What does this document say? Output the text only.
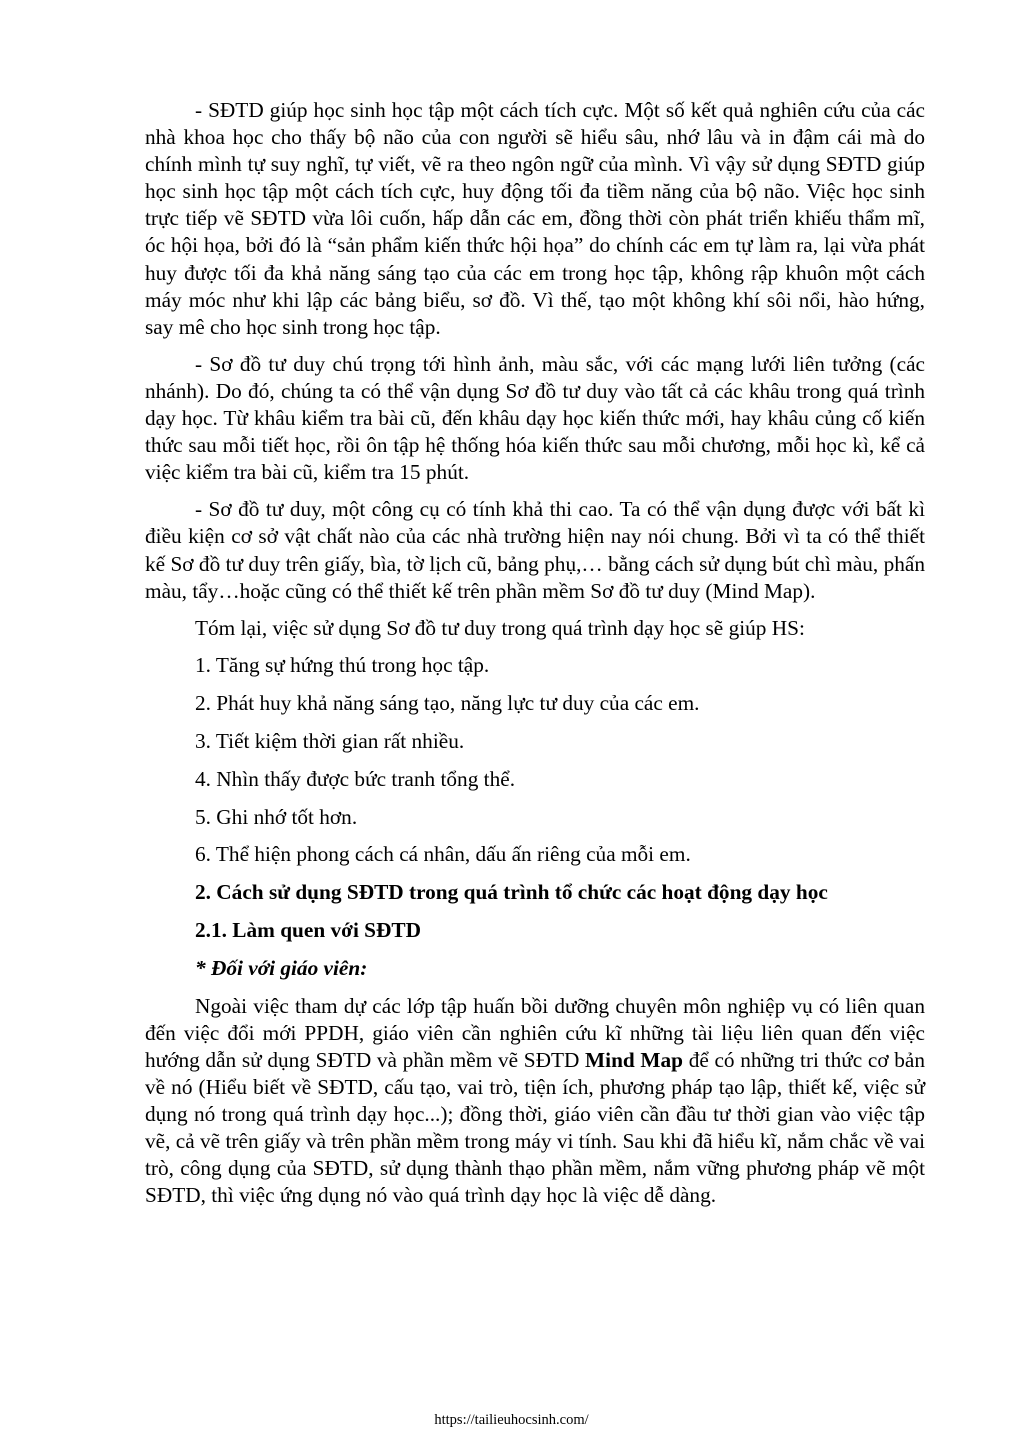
- SĐTD giúp học sinh học tập một cách tích cực. Một số kết quả nghiên cứu của các nhà khoa học cho thấy bộ não của con người sẽ hiểu sâu, nhớ lâu và in đậm cái mà do chính mình tự suy nghĩ, tự viết, vẽ ra theo ngôn ngữ của mình. Vì vậy sử dụng SĐTD giúp học sinh học tập một cách tích cực, huy động tối đa tiềm năng của bộ não. Việc học sinh trực tiếp vẽ SĐTD vừa lôi cuốn, hấp dẫn các em, đồng thời còn phát triển khiếu thẩm mĩ, óc hội họa, bởi đó là “sản phẩm kiến thức hội họa” do chính các em tự làm ra, lại vừa phát huy được tối đa khả năng sáng tạo của các em trong học tập, không rập khuôn một cách máy móc như khi lập các bảng biểu, sơ đồ. Vì thế, tạo một không khí sôi nổi, hào hứng, say mê cho học sinh trong học tập.

- Sơ đồ tư duy chú trọng tới hình ảnh, màu sắc, với các mạng lưới liên tưởng (các nhánh). Do đó, chúng ta có thể vận dụng Sơ đồ tư duy vào tất cả các khâu trong quá trình dạy học. Từ khâu kiểm tra bài cũ, đến khâu dạy học kiến thức mới, hay khâu củng cố kiến thức sau mỗi tiết học, rồi ôn tập hệ thống hóa kiến thức sau mỗi chương, mỗi học kì, kể cả việc kiểm tra bài cũ, kiểm tra 15 phút.

- Sơ đồ tư duy, một công cụ có tính khả thi cao. Ta có thể vận dụng được với bất kì điều kiện cơ sở vật chất nào của các nhà trường hiện nay nói chung. Bởi vì ta có thể thiết kế Sơ đồ tư duy trên giấy, bìa, tờ lịch cũ, bảng phụ,… bằng cách sử dụng bút chì màu, phấn màu, tẩy…hoặc cũng có thể thiết kế trên phần mềm Sơ đồ tư duy (Mind Map).

Tóm lại, việc sử dụng Sơ đồ tư duy trong quá trình dạy học sẽ giúp HS:
1. Tăng sự hứng thú trong học tập.
2. Phát huy khả năng sáng tạo, năng lực tư duy của các em.
3. Tiết kiệm thời gian rất nhiều.
4. Nhìn thấy được bức tranh tổng thể.
5. Ghi nhớ tốt hơn.
6. Thể hiện phong cách cá nhân, dấu ấn riêng của mỗi em.
2. Cách sử dụng SĐTD trong quá trình tổ chức các hoạt động dạy học
2.1. Làm quen với SĐTD
* Đối với giáo viên:

Ngoài việc tham dự các lớp tập huấn bồi dưỡng chuyên môn nghiệp vụ có liên quan đến việc đổi mới PPDH, giáo viên cần nghiên cứu kĩ những tài liệu liên quan đến việc hướng dẫn sử dụng SĐTD và phần mềm vẽ SĐTD Mind Map để có những tri thức cơ bản về nó (Hiểu biết về SĐTD, cấu tạo, vai trò, tiện ích, phương pháp tạo lập, thiết kế, việc sử dụng nó trong quá trình dạy học...); đồng thời, giáo viên cần đầu tư thời gian vào việc tập vẽ, cả vẽ trên giấy và trên phần mềm trong máy vi tính. Sau khi đã hiểu kĩ, nắm chắc về vai trò, công dụng của SĐTD, sử dụng thành thạo phần mềm, nắm vững phương pháp vẽ một SĐTD, thì việc ứng dụng nó vào quá trình dạy học là việc dễ dàng.

https://tailieuhocsinh.com/
